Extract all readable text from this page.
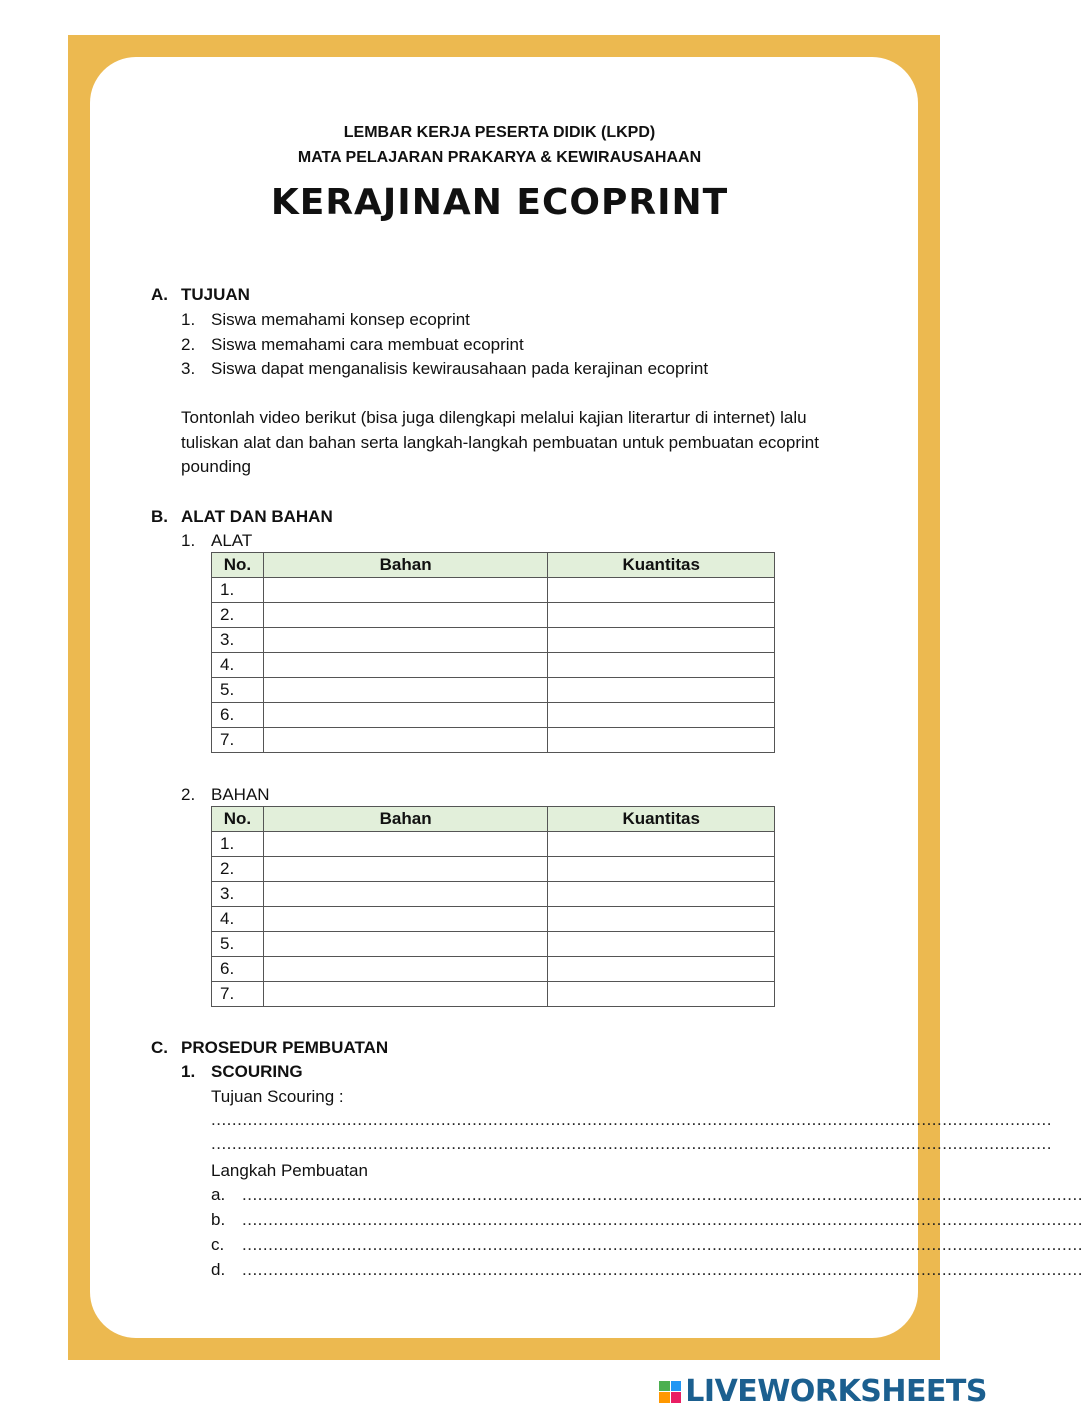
LEMBAR KERJA PESERTA DIDIK (LKPD)
MATA PELAJARAN PRAKARYA & KEWIRAUSAHAAN
KERAJINAN ECOPRINT
A. TUJUAN
1. Siswa memahami konsep ecoprint
2. Siswa memahami cara membuat ecoprint
3. Siswa dapat menganalisis kewirausahaan pada kerajinan ecoprint
Tontonlah video berikut (bisa juga dilengkapi melalui kajian literartur di internet) lalu
tuliskan alat dan bahan serta langkah-langkah pembuatan untuk pembuatan ecoprint
pounding
B. ALAT DAN BAHAN
1. ALAT
No.	Bahan	Kuantitas
1.		
2.		
3.		
4.		
5.		
6.		
7.		
2. BAHAN
No.	Bahan	Kuantitas
1.		
2.		
3.		
4.		
5.		
6.		
7.		
C. PROSEDUR PEMBUATAN
1. SCOURING
Tujuan Scouring :
.................................................................................................................................................................
.................................................................................................................................................................
Langkah Pembuatan
a. .................................................................................................................................................................
b. .................................................................................................................................................................
c. .................................................................................................................................................................
d. .................................................................................................................................................................
LIVEWORKSHEETS
